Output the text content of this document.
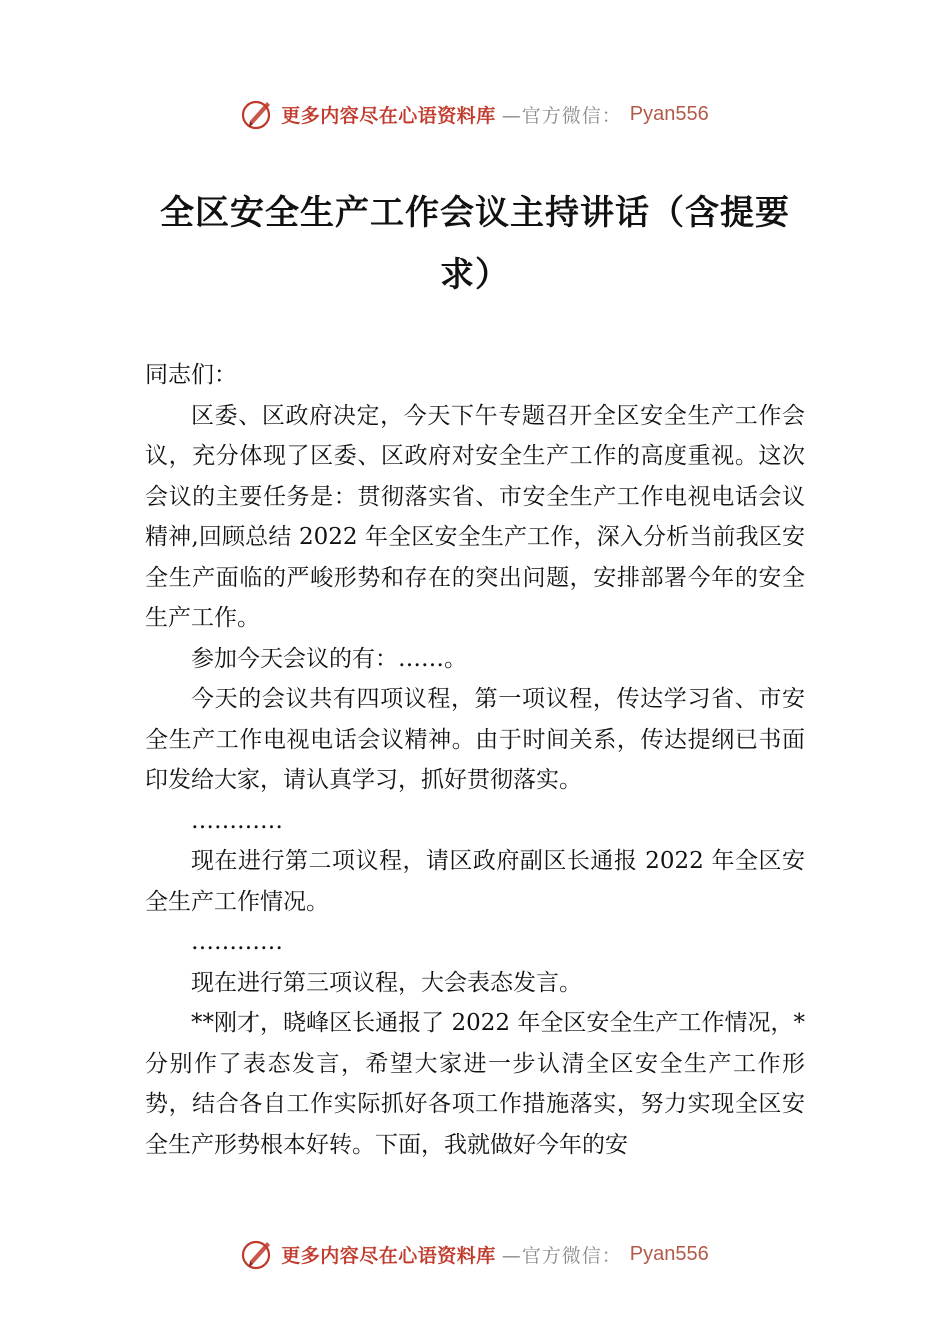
更多内容尽在心语资料库 —官方微信： Pyan556
全区安全生产工作会议主持讲话（含提要求）

同志们：

区委、区政府决定，今天下午专题召开全区安全生产工作会议，充分体现了区委、区政府对安全生产工作的高度重视。这次会议的主要任务是：贯彻落实省、市安全生产工作电视电话会议精神,回顾总结 2022 年全区安全生产工作，深入分析当前我区安全生产面临的严峻形势和存在的突出问题，安排部署今年的安全生产工作。

参加今天会议的有：……。

今天的会议共有四项议程，第一项议程，传达学习省、市安全生产工作电视电话会议精神。由于时间关系，传达提纲已书面印发给大家，请认真学习，抓好贯彻落实。

…………

现在进行第二项议程，请区政府副区长通报 2022 年全区安全生产工作情况。

…………

现在进行第三项议程，大会表态发言。

**刚才，晓峰区长通报了 2022 年全区安全生产工作情况，*分别作了表态发言，希望大家进一步认清全区安全生产工作形势，结合各自工作实际抓好各项工作措施落实，努力实现全区安全生产形势根本好转。下面，我就做好今年的安

更多内容尽在心语资料库 —官方微信： Pyan556
